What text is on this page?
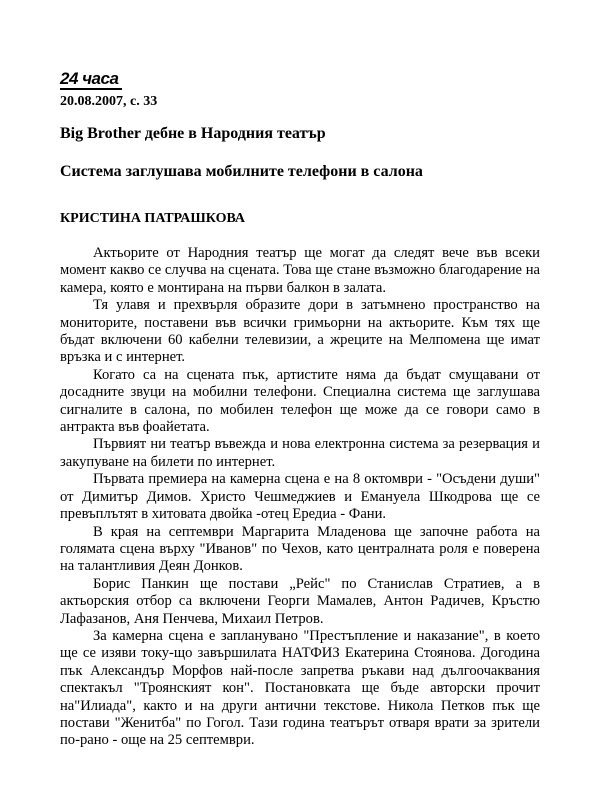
24 часа
20.08.2007, с. 33
Big Brother дебне в Народния театър
Система заглушава мобилните телефони в салона
КРИСТИНА ПАТРАШКОВА

Актьорите от Народния театър ще могат да следят вече във всеки момент какво се случва на сцената. Това ще стане възможно благодарение на камера, която е монтирана на първи балкон в залата.

Тя улавя и прехвърля образите дори в затъмнено пространство на мониторите, поставени във всички гримьорни на актьорите. Към тях ще бъдат включени 60 кабелни телевизии, а жреците на Мелпомена ще имат връзка и с интернет.

Когато са на сцената пък, артистите няма да бъдат смущавани от досадните звуци на мобилни телефони. Специална система ще заглушава сигналите в салона, по мобилен телефон ще може да се говори само в антракта във фоайетата.

Първият ни театър въвежда и нова електронна система за резервация и закупуване на билети по интернет.

Първата премиера на камерна сцена е на 8 октомври - "Осъдени души" от Димитър Димов. Христо Чешмеджиев и Емануела Шкодрова ще се превъплътят в хитовата двойка -отец Ередиа - Фани.

В края на септември Маргарита Младенова ще започне работа на голямата сцена върху "Иванов" по Чехов, като централната роля е поверена на талантливия Деян Донков.

Борис Панкин ще постави „Рейс" по Станислав Стратиев, а в актьорския отбор са включени Георги Мамалев, Антон Радичев, Кръстю Лафазанов, Аня Пенчева, Михаил Петров.

За камерна сцена е запланувано "Престъпление и наказание", в което ще се изяви току-що завършилата НАТФИЗ Екатерина Стоянова. Догодина пък Александър Морфов най-после запретва ръкави над дългоочаквания спектакъл "Троянският кон". Постановката ще бъде авторски прочит на"Илиада", както и на други антични текстове. Никола Петков пък ще постави "Женитба" по Гогол. Тази година театърът отваря врати за зрители по-рано - още на 25 септември.
